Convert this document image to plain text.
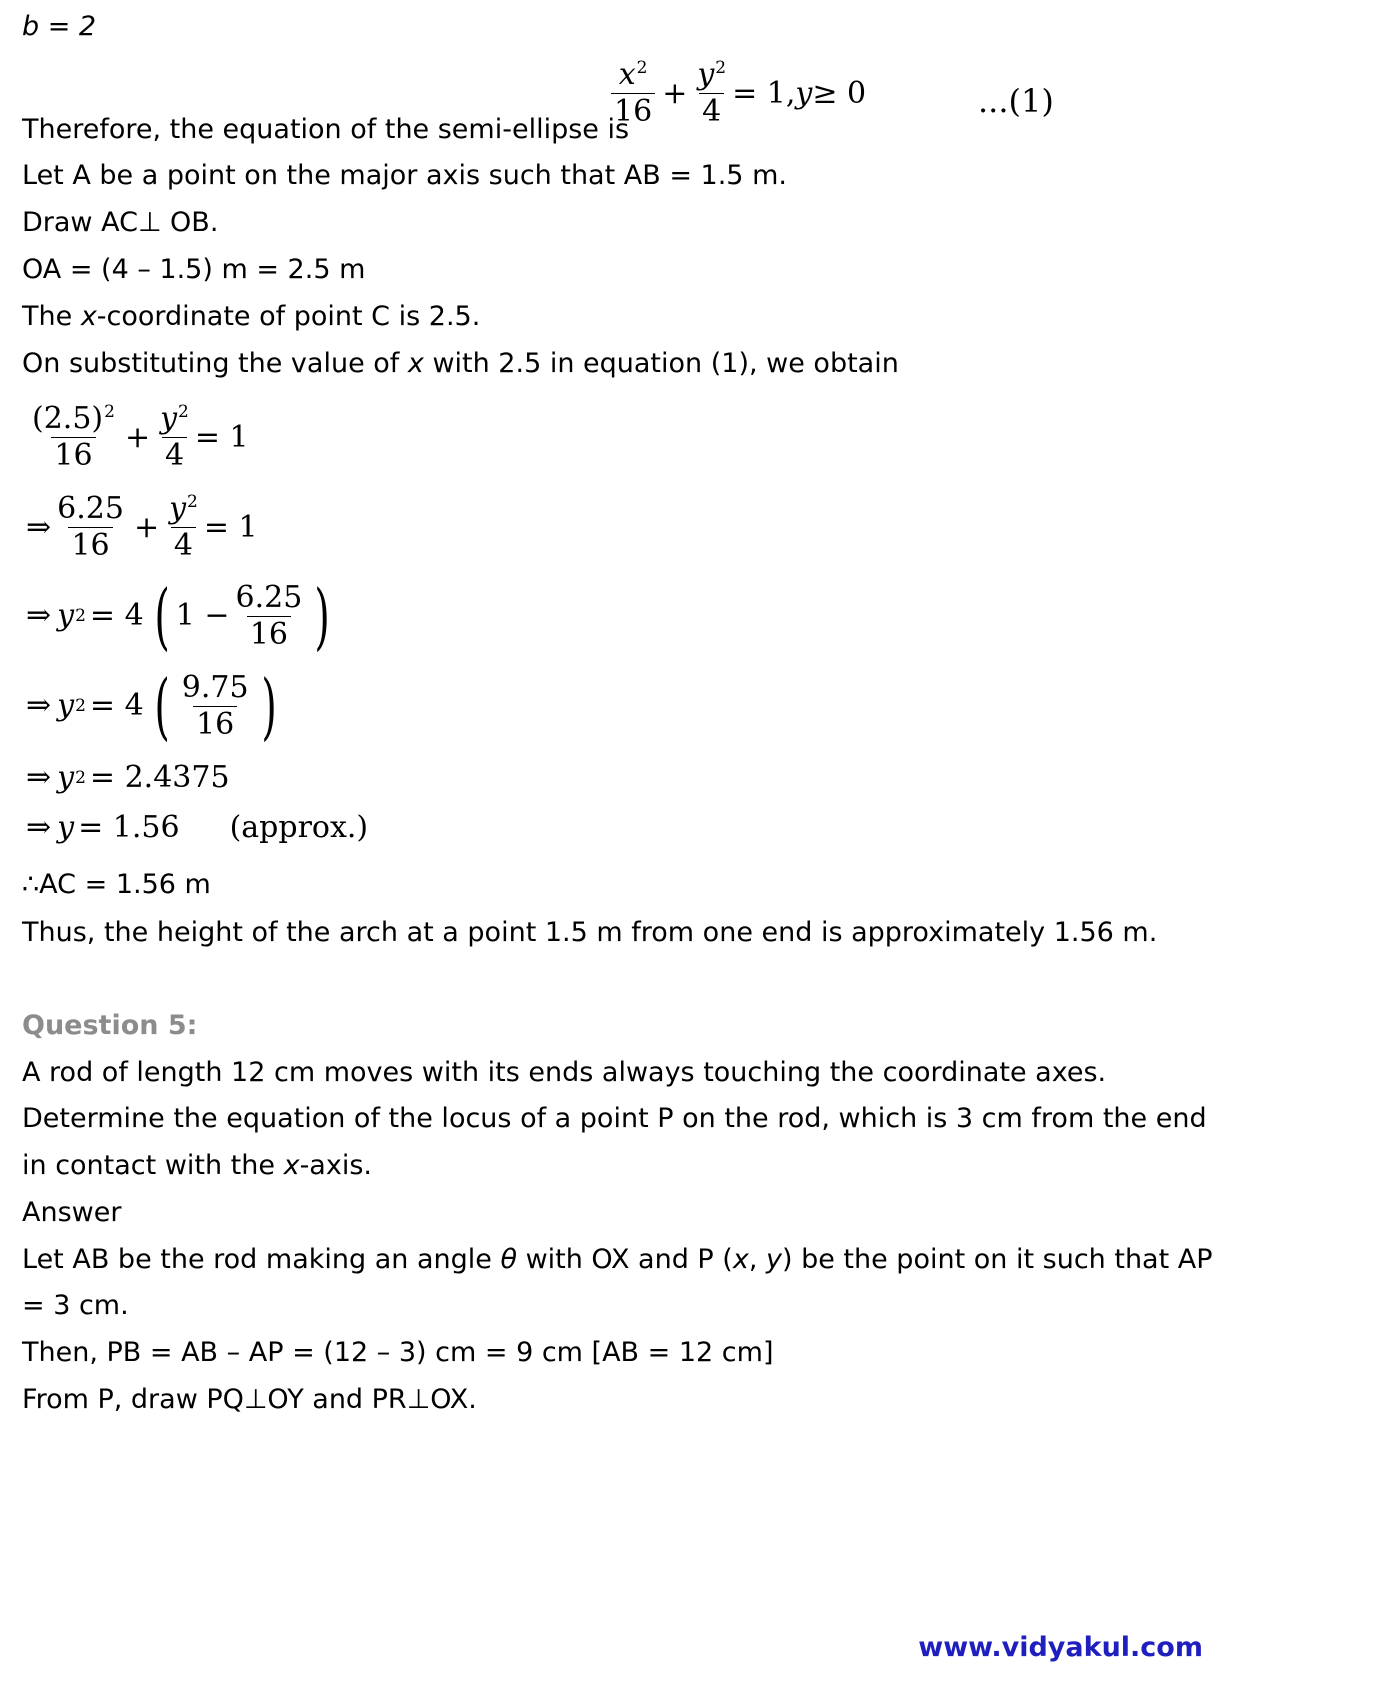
b = 2
$\frac{x^2}{16} + \frac{y^2}{4} = 1$, y ≥ 0	...(1)
Therefore, the equation of the semi-ellipse is
Let A be a point on the major axis such that AB = 1.5 m.
Draw AC⊥ OB.
OA = (4 – 1.5) m = 2.5 m
The x-coordinate of point C is 2.5.
On substituting the value of x with 2.5 in equation (1), we obtain
$\frac{(2.5)^2}{16} + \frac{y^2}{4} = 1$
⇒ $\frac{6.25}{16} + \frac{y^2}{4} = 1$
⇒ y 2 = 4 ( $1 - \frac{6.25}{16}$ )
⇒ y 2 = 4 ( $\frac{9.75}{16}$ )
⇒ y 2 = 2.4375
⇒ y = 1.56 (approx.)
∴AC = 1.56 m
Thus, the height of the arch at a point 1.5 m from one end is approximately 1.56 m.
Question 5:
A rod of length 12 cm moves with its ends always touching the coordinate axes.
Determine the equation of the locus of a point P on the rod, which is 3 cm from the end
in contact with the x-axis.
Answer
Let AB be the rod making an angle θ with OX and P (x, y) be the point on it such that AP
= 3 cm.
Then, PB = AB – AP = (12 – 3) cm = 9 cm [AB = 12 cm]
From P, draw PQ⊥OY and PR⊥OX.
www.vidyakul.com
